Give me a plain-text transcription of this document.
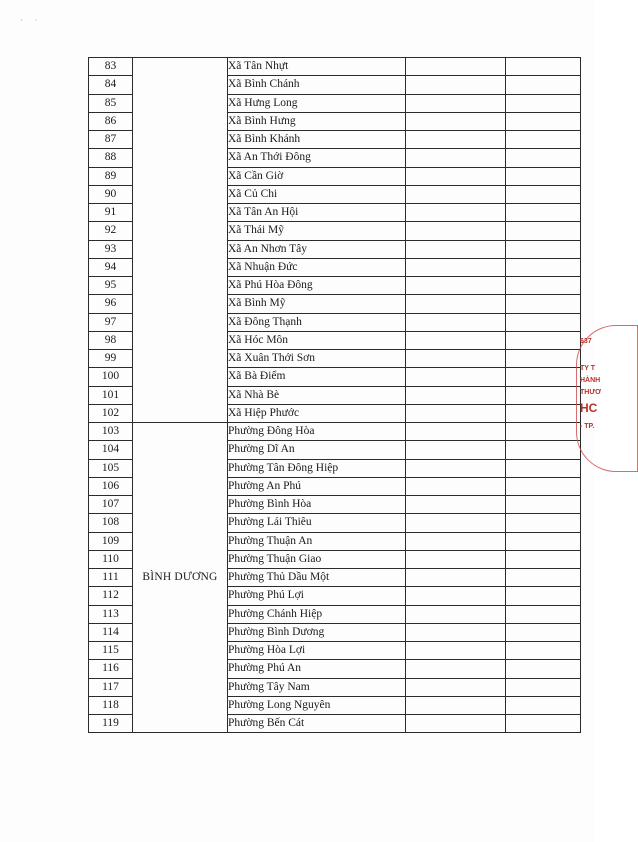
·      ·
83		Xã Tân Nhựt		
84		Xã Bình Chánh		
85		Xã Hưng Long		
86		Xã Bình Hưng		
87		Xã Bình Khánh		
88		Xã An Thới Đông		
89		Xã Cần Giờ		
90		Xã Củ Chi		
91		Xã Tân An Hội		
92		Xã Thái Mỹ		
93		Xã An Nhơn Tây		
94		Xã Nhuận Đức		
95		Xã Phú Hòa Đông		
96		Xã Bình Mỹ		
97		Xã Đông Thạnh		
98		Xã Hóc Môn		
99		Xã Xuân Thới Sơn		
100		Xã Bà Điểm		
101		Xã Nhà Bè		
102		Xã Hiệp Phước		
103	BÌNH DƯƠNG	Phường Đông Hòa		
104		Phường Dĩ An		
105		Phường Tân Đông Hiệp		
106		Phường An Phú		
107		Phường Bình Hòa		
108		Phường Lái Thiêu		
109		Phường Thuận An		
110		Phường Thuận Giao		
111		Phường Thủ Dầu Một		
112		Phường Phú Lợi		
113		Phường Chánh Hiệp		
114		Phường Bình Dương		
115		Phường Hòa Lợi		
116		Phường Phú An		
117		Phường Tây Nam		
118		Phường Long Nguyên		
119		Phường Bến Cát		
637
TY T
HÀNH
THƯƠ
HC
- TP.
